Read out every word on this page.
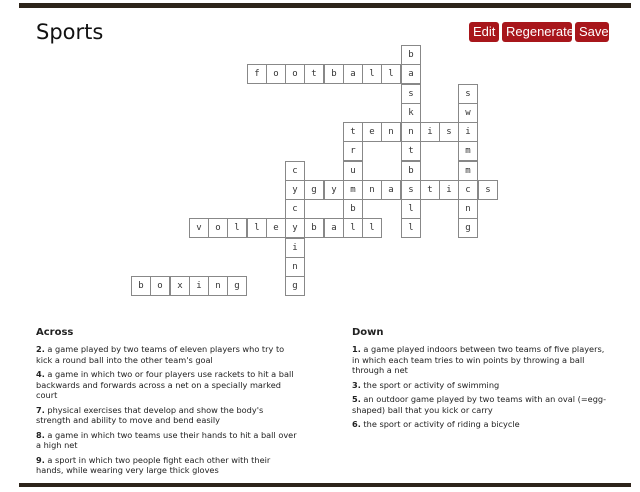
Sports	Edit Regenerate Save
f	o	o	t	b	a	l	l
t	e	n	n	i	s
g	y	m	n	a	s	t	i	c	s
v	o	l	l	e	y	b	a	l	l
b	o	x	i	n	g
b
a
s
k
t
b
l
l
s
w
i
m
m
n
g
r
u
b
c
y
c
i
n
g
Across
2. a game played by two teams of eleven players who try to kick a round ball into the other team's goal
4. a game in which two or four players use rackets to hit a ball backwards and forwards across a net on a specially marked court
7. physical exercises that develop and show the body's strength and ability to move and bend easily
8. a game in which two teams use their hands to hit a ball over a high net
9. a sport in which two people fight each other with their hands, while wearing very large thick gloves
Down
1. a game played indoors between two teams of five players, in which each team tries to win points by throwing a ball through a net
3. the sport or activity of swimming
5. an outdoor game played by two teams with an oval (=egg-shaped) ball that you kick or carry
6. the sport or activity of riding a bicycle
